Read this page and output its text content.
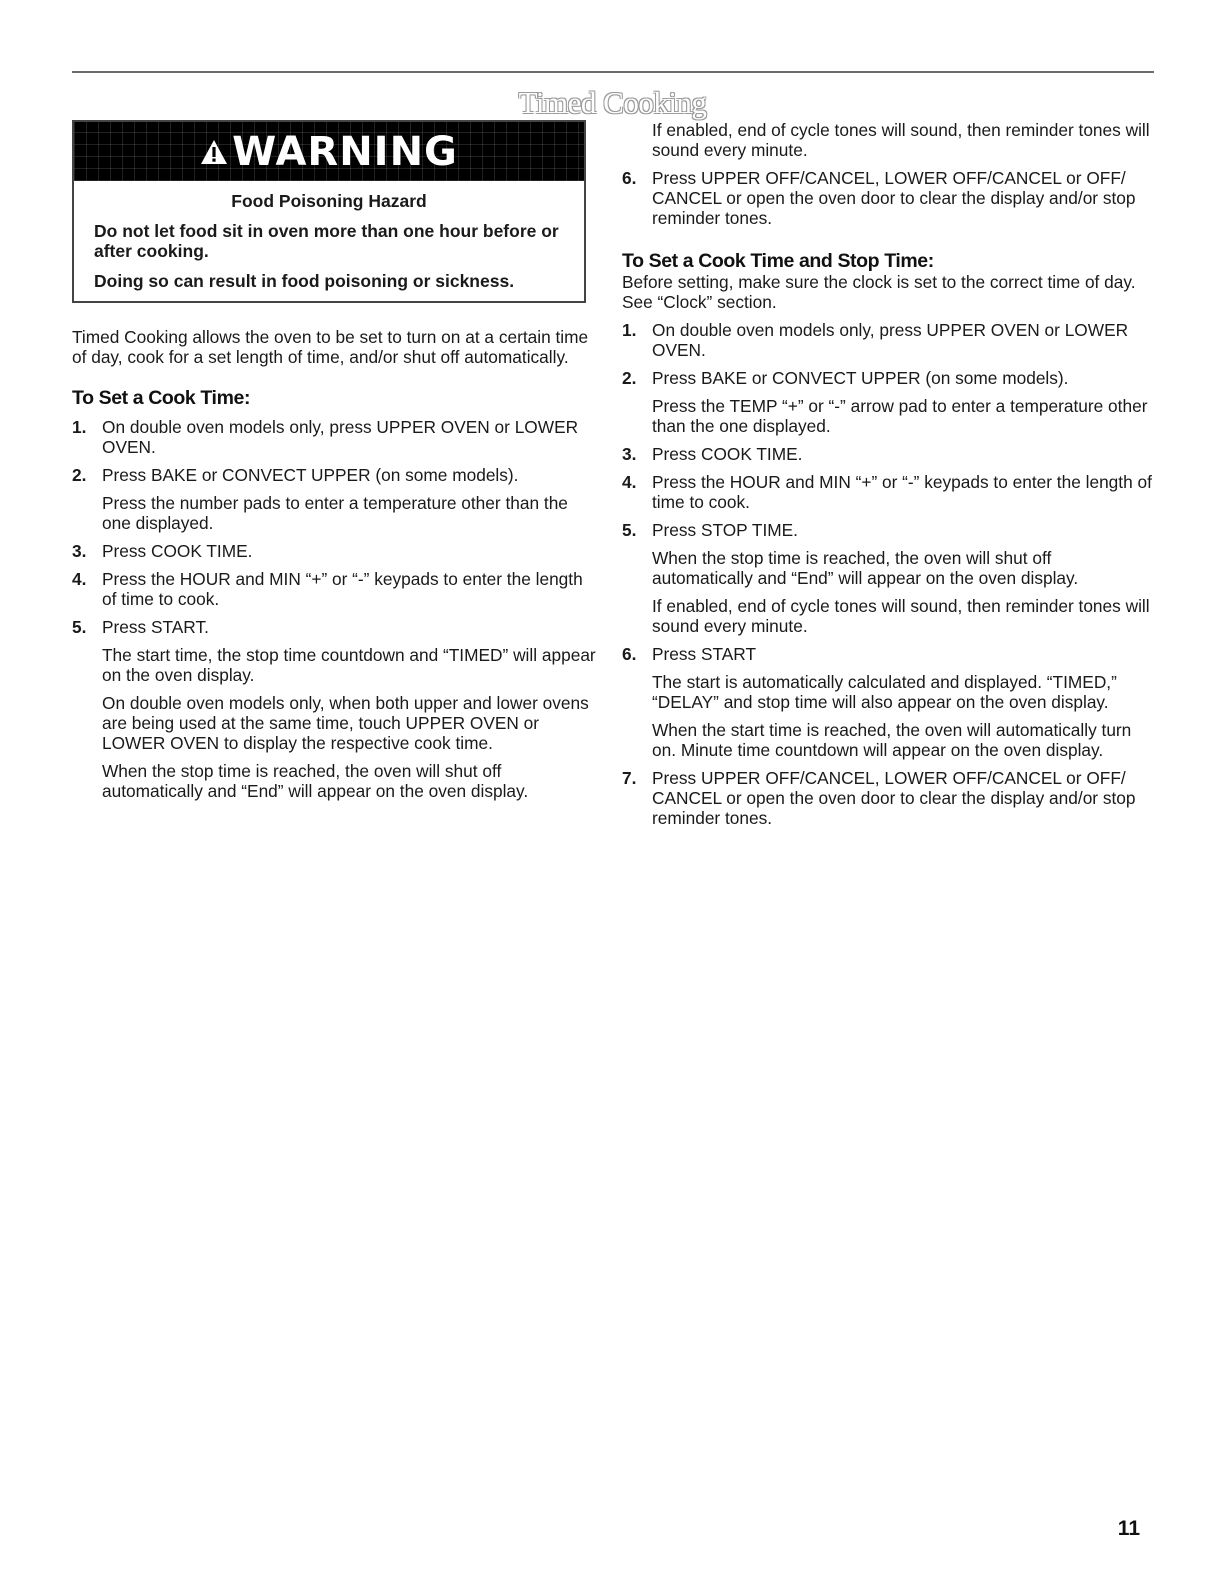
Timed Cooking
WARNING

Food Poisoning Hazard

Do not let food sit in oven more than one hour before or after cooking.

Doing so can result in food poisoning or sickness.

Timed Cooking allows the oven to be set to turn on at a certain time of day, cook for a set length of time, and/or shut off automatically.

To Set a Cook Time:
1. On double oven models only, press UPPER OVEN or LOWER OVEN.
2. Press BAKE or CONVECT UPPER (on some models).

Press the number pads to enter a temperature other than the one displayed.

3. Press COOK TIME.
4. Press the HOUR and MIN “+” or “-” keypads to enter the length of time to cook.
5. Press START.

The start time, the stop time countdown and “TIMED” will appear on the oven display.

On double oven models only, when both upper and lower ovens are being used at the same time, touch UPPER OVEN or LOWER OVEN to display the respective cook time.

When the stop time is reached, the oven will shut off automatically and “End” will appear on the oven display.

If enabled, end of cycle tones will sound, then reminder tones will sound every minute.

6. Press UPPER OFF/CANCEL, LOWER OFF/CANCEL or OFF/ CANCEL or open the oven door to clear the display and/or stop reminder tones.
To Set a Cook Time and Stop Time:

Before setting, make sure the clock is set to the correct time of day. See “Clock” section.

1. On double oven models only, press UPPER OVEN or LOWER OVEN.
2. Press BAKE or CONVECT UPPER (on some models).

Press the TEMP “+” or “-” arrow pad to enter a temperature other than the one displayed.

3. Press COOK TIME.
4. Press the HOUR and MIN “+” or “-” keypads to enter the length of time to cook.
5. Press STOP TIME.

When the stop time is reached, the oven will shut off automatically and “End” will appear on the oven display.

If enabled, end of cycle tones will sound, then reminder tones will sound every minute.

6. Press START

The start is automatically calculated and displayed. “TIMED,” “DELAY” and stop time will also appear on the oven display.

When the start time is reached, the oven will automatically turn on. Minute time countdown will appear on the oven display.

7. Press UPPER OFF/CANCEL, LOWER OFF/CANCEL or OFF/ CANCEL or open the oven door to clear the display and/or stop reminder tones.
11
